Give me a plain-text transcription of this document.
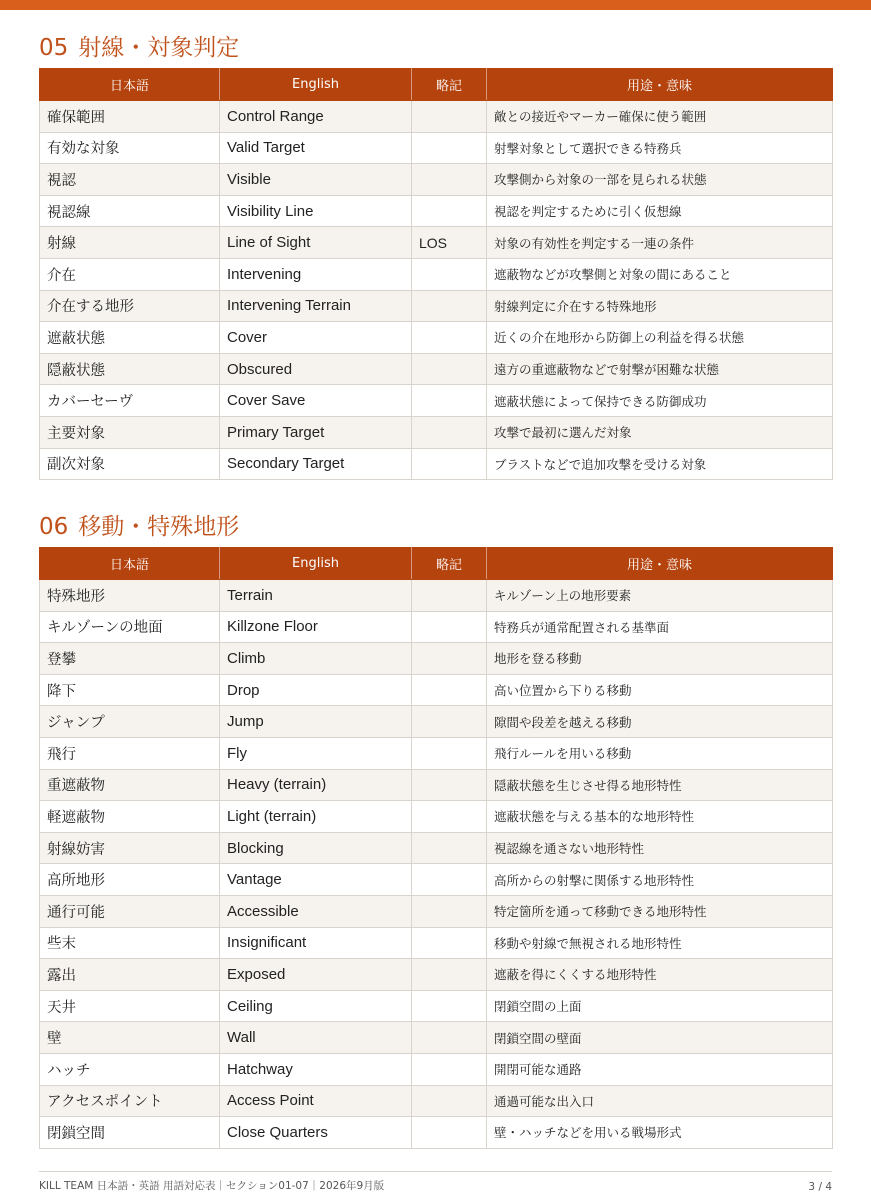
05 射線・対象判定
日本語	English	略記	用途・意味
確保範囲	Control Range		敵との接近やマーカー確保に使う範囲
有効な対象	Valid Target		射撃対象として選択できる特務兵
視認	Visible		攻撃側から対象の一部を見られる状態
視認線	Visibility Line		視認を判定するために引く仮想線
射線	Line of Sight	LOS	対象の有効性を判定する一連の条件
介在	Intervening		遮蔽物などが攻撃側と対象の間にあること
介在する地形	Intervening Terrain		射線判定に介在する特殊地形
遮蔽状態	Cover		近くの介在地形から防御上の利益を得る状態
隠蔽状態	Obscured		遠方の重遮蔽物などで射撃が困難な状態
カバーセーヴ	Cover Save		遮蔽状態によって保持できる防御成功
主要対象	Primary Target		攻撃で最初に選んだ対象
副次対象	Secondary Target		ブラストなどで追加攻撃を受ける対象
06 移動・特殊地形
日本語	English	略記	用途・意味
特殊地形	Terrain		キルゾーン上の地形要素
キルゾーンの地面	Killzone Floor		特務兵が通常配置される基準面
登攀	Climb		地形を登る移動
降下	Drop		高い位置から下りる移動
ジャンプ	Jump		隙間や段差を越える移動
飛行	Fly		飛行ルールを用いる移動
重遮蔽物	Heavy (terrain)		隠蔽状態を生じさせ得る地形特性
軽遮蔽物	Light (terrain)		遮蔽状態を与える基本的な地形特性
射線妨害	Blocking		視認線を通さない地形特性
高所地形	Vantage		高所からの射撃に関係する地形特性
通行可能	Accessible		特定箇所を通って移動できる地形特性
些末	Insignificant		移動や射線で無視される地形特性
露出	Exposed		遮蔽を得にくくする地形特性
天井	Ceiling		閉鎖空間の上面
壁	Wall		閉鎖空間の壁面
ハッチ	Hatchway		開閉可能な通路
アクセスポイント	Access Point		通過可能な出入口
閉鎖空間	Close Quarters		壁・ハッチなどを用いる戦場形式
KILL TEAM 日本語・英語 用語対応表｜セクション01-07｜2026年9月版	3 / 4
